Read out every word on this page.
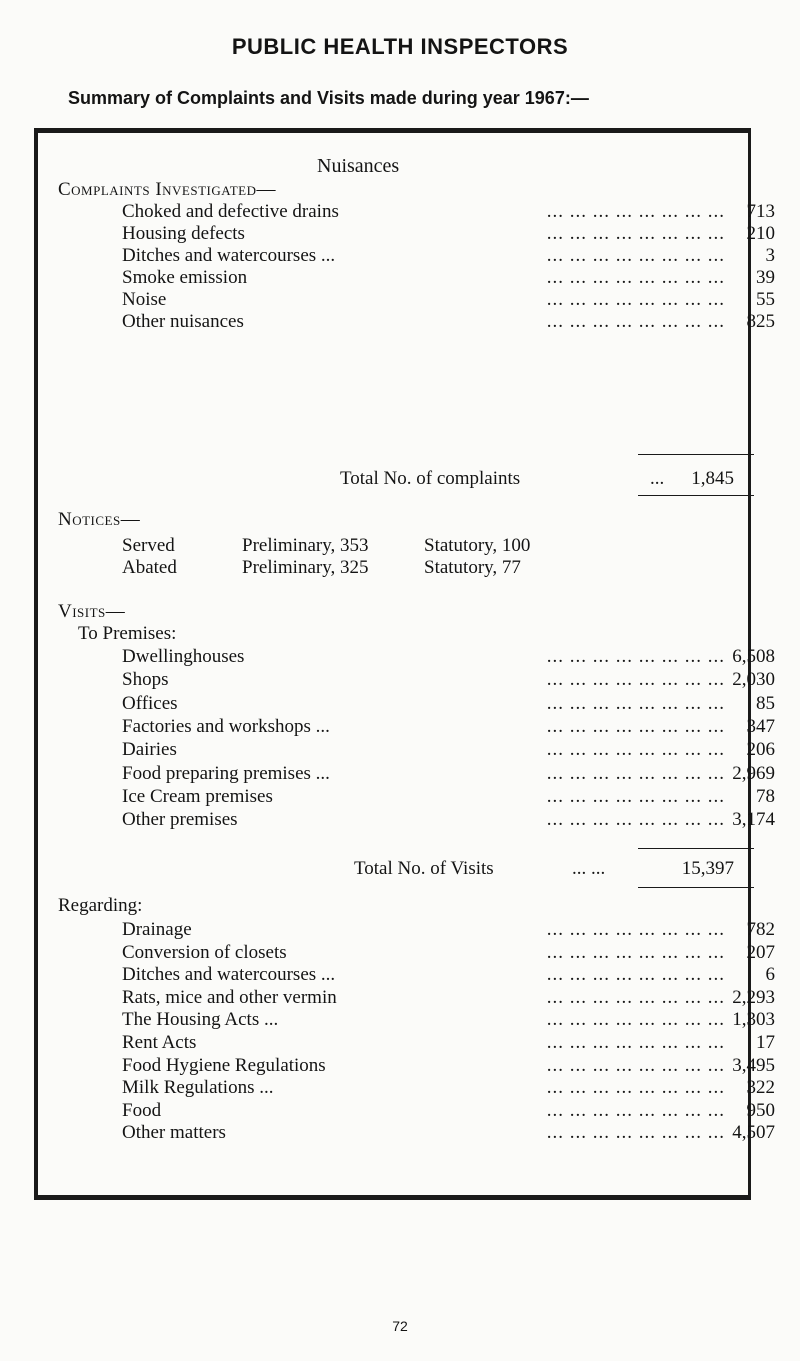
PUBLIC HEALTH INSPECTORS
Summary of Complaints and Visits made during year 1967:—
Nuisances
Complaints Investigated—
Choked and defective drains	... ... ... ... ... ... ... ...	713
Housing defects	... ... ... ... ... ... ... ...	210
Ditches and watercourses ...	... ... ... ... ... ... ... ...	3
Smoke emission	... ... ... ... ... ... ... ...	39
Noise	... ... ... ... ... ... ... ...	55
Other nuisances	... ... ... ... ... ... ... ...	825
Total No. of complaints	... 1,845
Notices—
Served	Preliminary, 353	Statutory, 100
Abated	Preliminary, 325	Statutory, 77
Visits—
To Premises:
Dwellinghouses	... ... ... ... ... ... ... ... 6,508
Shops	... ... ... ... ... ... ... ... 2,030
Offices	... ... ... ... ... ... ... ...	85
Factories and workshops ...	... ... ... ... ... ... ... ...	347
Dairies	... ... ... ... ... ... ... ...	206
Food preparing premises ...	... ... ... ... ... ... ... ... 2,969
Ice Cream premises	... ... ... ... ... ... ... ...	78
Other premises	... ... ... ... ... ... ... ... 3,174
Total No. of Visits	... ...	15,397
Regarding:
Drainage	... ... ... ... ... ... ... ...	782
Conversion of closets	... ... ... ... ... ... ... ...	207
Ditches and watercourses ...	... ... ... ... ... ... ... ...	6
Rats, mice and other vermin	... ... ... ... ... ... ... ... 2,293
The Housing Acts ...	... ... ... ... ... ... ... ... 1,303
Rent Acts	... ... ... ... ... ... ... ...	17
Food Hygiene Regulations	... ... ... ... ... ... ... ... 3,495
Milk Regulations ...	... ... ... ... ... ... ... ...	322
Food	... ... ... ... ... ... ... ...	950
Other matters	... ... ... ... ... ... ... ... 4,507
72
